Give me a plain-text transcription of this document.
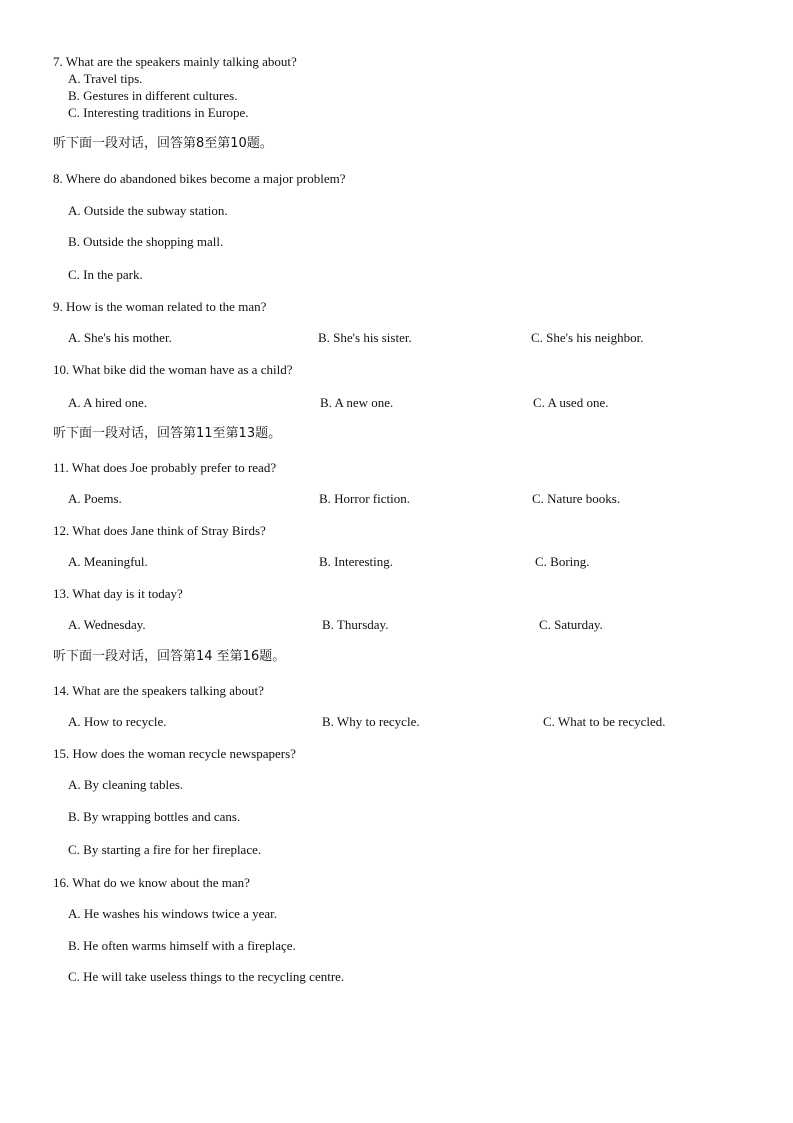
7. What are the speakers mainly talking about?
A. Travel tips.
B. Gestures in different cultures.
C. Interesting traditions in Europe.
听下面一段对话，回答第8至第10题。
8. Where do abandoned bikes become a major problem?
A. Outside the subway station.
B. Outside the shopping mall.
C. In the park.
9. How is the woman related to the man?
A. She's his mother.	B. She's his sister.	C. She's his neighbor.
10. What bike did the woman have as a child?
A. A hired one.	B. A new one.	C. A used one.
听下面一段对话，回答第11至第13题。
11. What does Joe probably prefer to read?
A. Poems.	B. Horror fiction.	C. Nature books.
12. What does Jane think of Stray Birds?
A. Meaningful.	B. Interesting.	C. Boring.
13. What day is it today?
A. Wednesday.	B. Thursday.	C. Saturday.
听下面一段对话，回答第14 至第16题。
14. What are the speakers talking about?
A. How to recycle.	B. Why to recycle.	C. What to be recycled.
15. How does the woman recycle newspapers?
A. By cleaning tables.
B. By wrapping bottles and cans.
C. By starting a fire for her fireplace.
16. What do we know about the man?
A. He washes his windows twice a year.
B. He often warms himself with a fireplaçe.
C. He will take useless things to the recycling centre.
